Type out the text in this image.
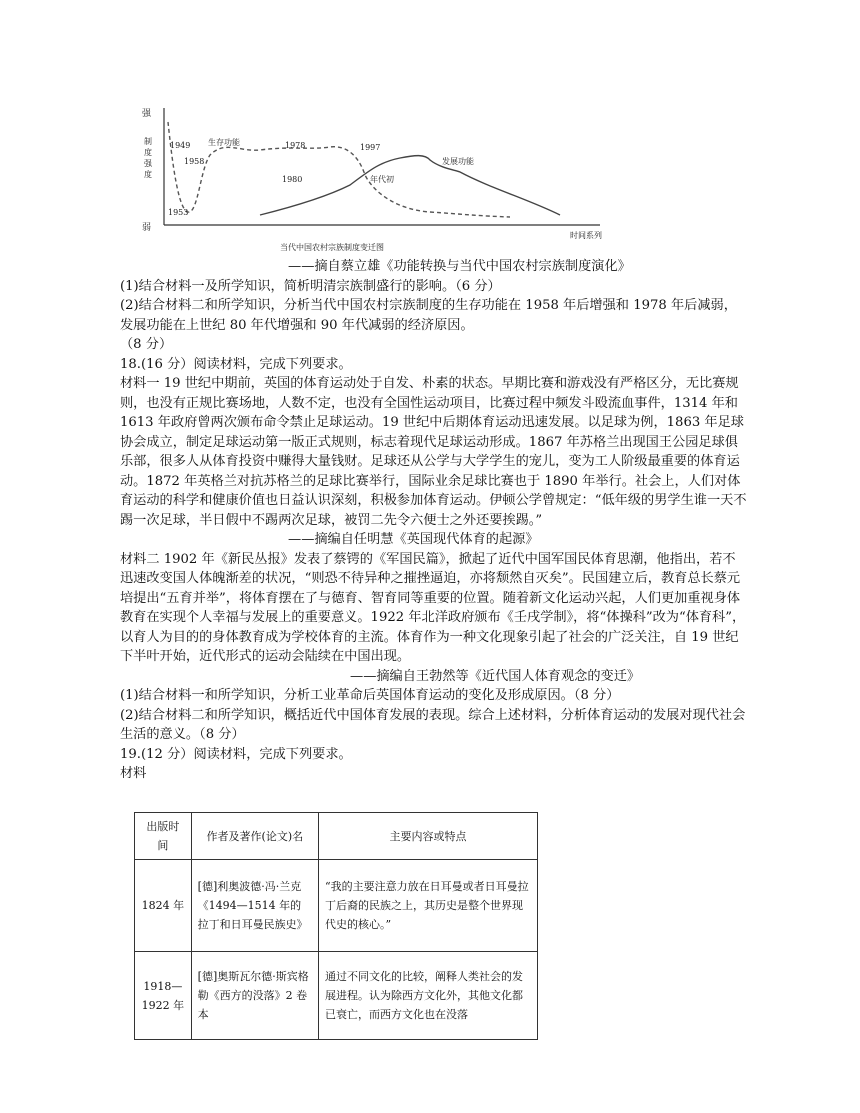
强
弱
制度强度
时间系列
当代中国农村宗族制度变迁图
1949
1958
1953
生存功能	1978
1980
1997
年代初
发展功能

——摘自蔡立雄《功能转换与当代中国农村宗族制度演化》

(1)结合材料一及所学知识，简析明清宗族制盛行的影响。（6 分）

(2)结合材料二和所学知识，分析当代中国农村宗族制度的生存功能在 1958 年后增强和 1978 年后减弱，发展功能在上世纪 80 年代增强和 90 年代减弱的经济原因。

（8 分）

18.(16 分）阅读材料，完成下列要求。

材料一 19 世纪中期前，英国的体育运动处于自发、朴素的状态。早期比赛和游戏没有严格区分，无比赛规则，也没有正规比赛场地，人数不定，也没有全国性运动项目，比赛过程中频发斗殴流血事件，1314 年和 1613 年政府曾两次颁布命令禁止足球运动。19 世纪中后期体育运动迅速发展。以足球为例，1863 年足球协会成立，制定足球运动第一版正式规则，标志着现代足球运动形成。1867 年苏格兰出现国王公园足球俱乐部，很多人从体育投资中赚得大量钱财。足球还从公学与大学学生的宠儿，变为工人阶级最重要的体育运动。1872 年英格兰对抗苏格兰的足球比赛举行，国际业余足球比赛也于 1890 年举行。社会上，人们对体育运动的科学和健康价值也日益认识深刻，积极参加体育运动。伊顿公学曾规定：“低年级的男学生谁一天不踢一次足球，半日假中不踢两次足球，被罚二先令六便士之外还要挨踢。”

——摘编自任明慧《英国现代体育的起源》

材料二 1902 年《新民丛报》发表了蔡锷的《军国民篇》，掀起了近代中国军国民体育思潮，他指出，若不迅速改变国人体魄渐差的状况，“则恐不待异种之摧挫逼迫，亦将颓然自灭矣”。民国建立后，教育总长蔡元培提出“五育并举”，将体育摆在了与德育、智育同等重要的位置。随着新文化运动兴起，人们更加重视身体教育在实现个人幸福与发展上的重要意义。1922 年北洋政府颁布《壬戌学制》，将“体操科”改为“体育科”，以育人为目的的身体教育成为学校体育的主流。体育作为一种文化现象引起了社会的广泛关注，自 19 世纪下半叶开始，近代形式的运动会陆续在中国出现。

——摘编自王勃然等《近代国人体育观念的变迁》

(1)结合材料一和所学知识，分析工业革命后英国体育运动的变化及形成原因。（8 分）

(2)结合材料二和所学知识，概括近代中国体育发展的表现。综合上述材料，分析体育运动的发展对现代社会生活的意义。（8 分）

19.(12 分）阅读材料，完成下列要求。

材料

出版时间	作者及著作(论文)名	主要内容或特点
1824 年	[德]利奥波德·冯·兰克《1494—1514 年的拉丁和日耳曼民族史》	“我的主要注意力放在日耳曼或者日耳曼拉丁后裔的民族之上，其历史是整个世界现代史的核心。”
1918—1922 年	[德]奥斯瓦尔德·斯宾格勒《西方的没落》2 卷本	通过不同文化的比较，阐释人类社会的发展进程。认为除西方文化外，其他文化都已衰亡，而西方文化也在没落
